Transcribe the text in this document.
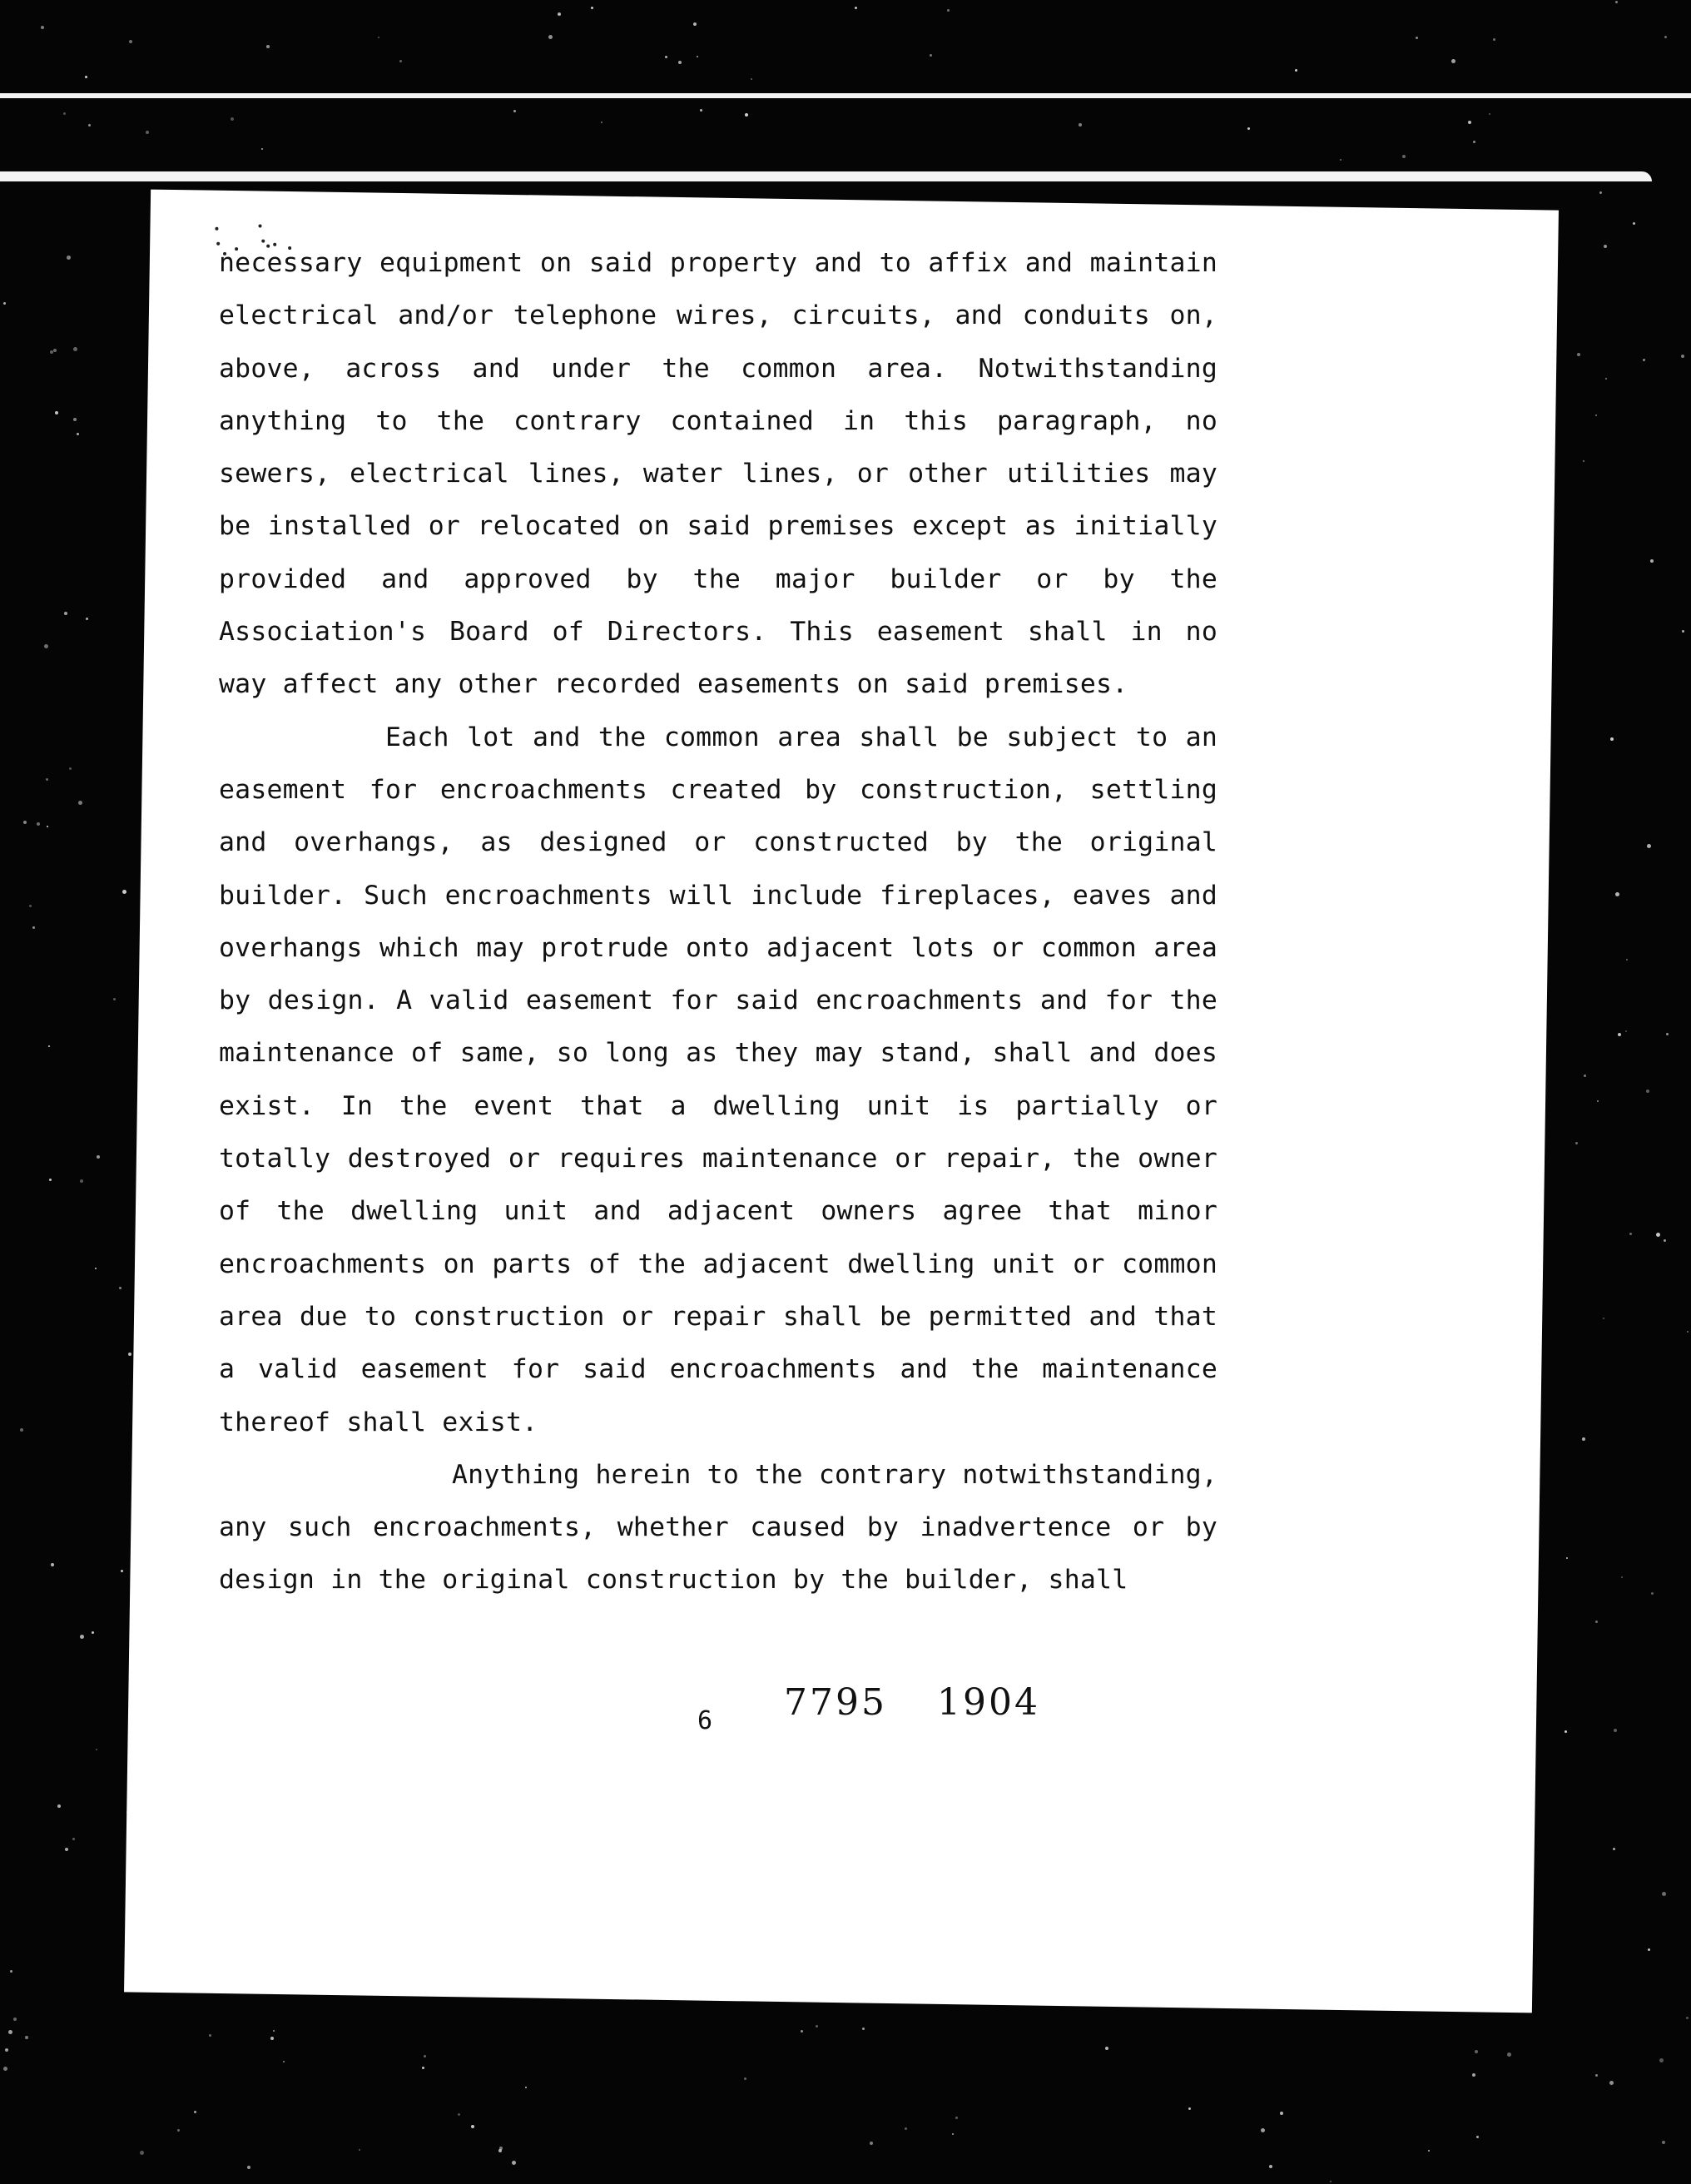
necessary equipment on said property and to affix and maintain electrical and/or telephone wires, circuits, and conduits on, above, across and under the common area. Notwithstanding anything to the contrary contained in this paragraph, no sewers, electrical lines, water lines, or other utilities may be installed or relocated on said premises except as initially provided and approved by the major builder or by the Association's Board of Directors. This easement shall in no way affect any other recorded easements on said premises.

Each lot and the common area shall be subject to an easement for encroachments created by construction, settling and overhangs, as designed or constructed by the original builder. Such encroachments will include fireplaces, eaves and overhangs which may protrude onto adjacent lots or common area by design. A valid easement for said encroachments and for the maintenance of same, so long as they may stand, shall and does exist. In the event that a dwelling unit is partially or totally destroyed or requires maintenance or repair, the owner of the dwelling unit and adjacent owners agree that minor encroachments on parts of the adjacent dwelling unit or common area due to construction or repair shall be permitted and that a valid easement for said encroachments and the maintenance thereof shall exist.

Anything herein to the contrary notwithstanding, any such encroachments, whether caused by inadvertence or by design in the original construction by the builder, shall

6 7795 1904
